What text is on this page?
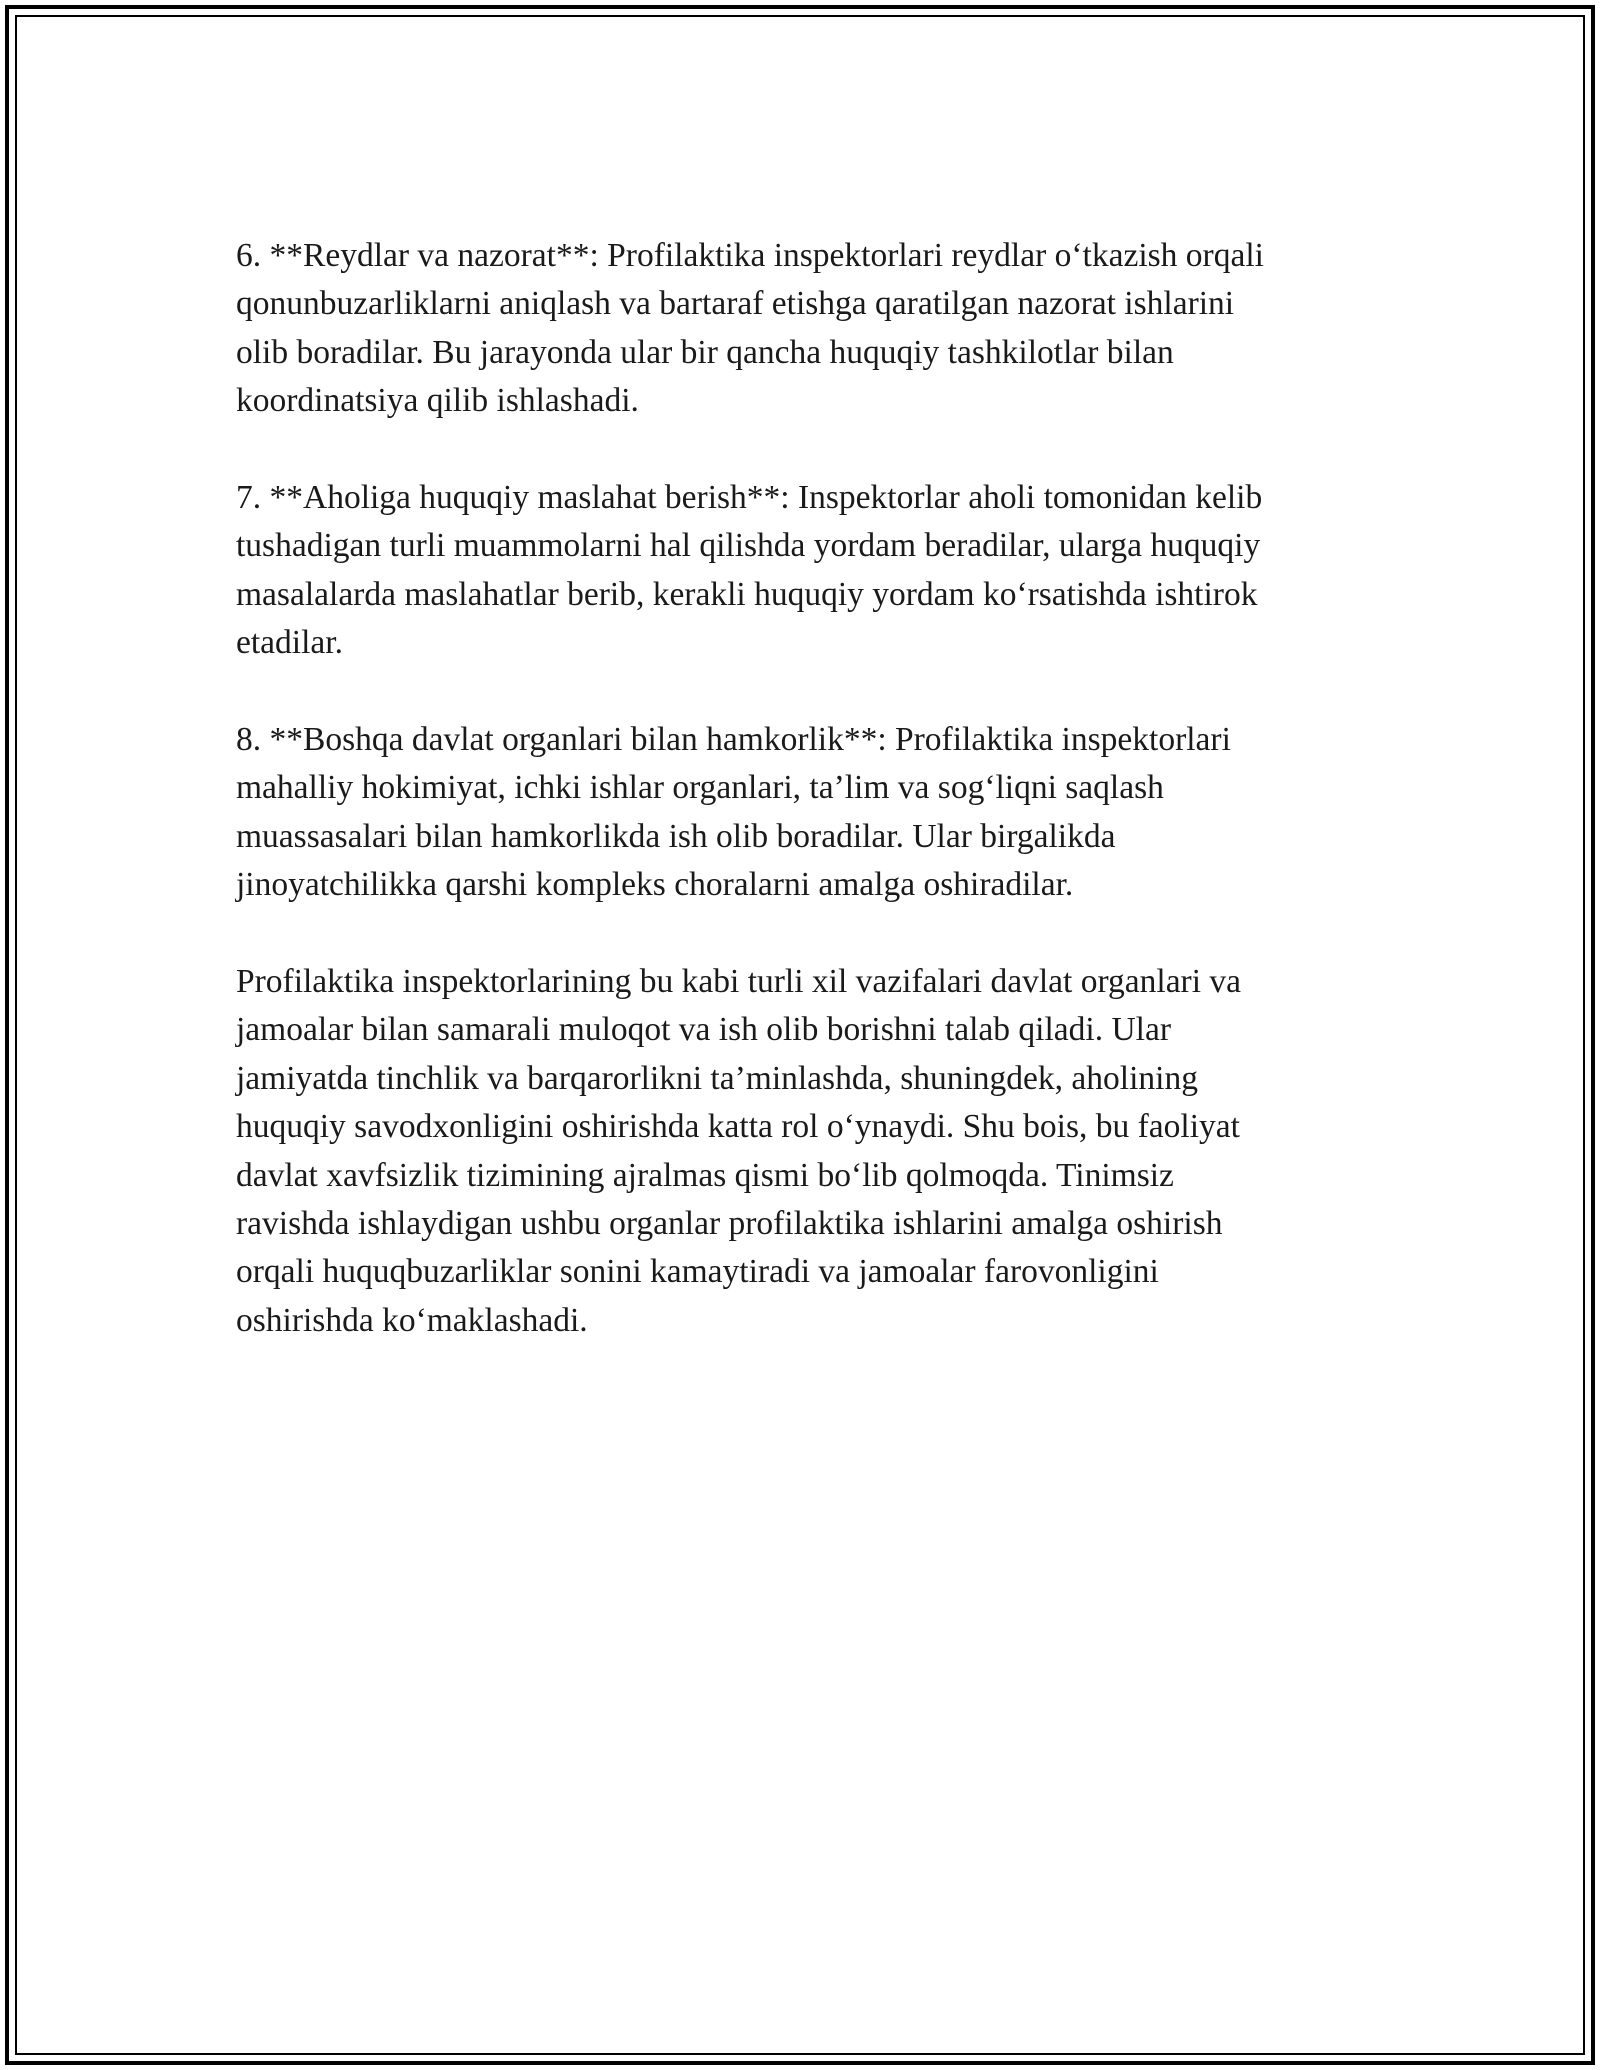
6. **Reydlar va nazorat**: Profilaktika inspektorlari reydlar o‘tkazish orqali
qonunbuzarliklarni aniqlash va bartaraf etishga qaratilgan nazorat ishlarini
olib boradilar. Bu jarayonda ular bir qancha huquqiy tashkilotlar bilan
koordinatsiya qilib ishlashadi.

7. **Aholiga huquqiy maslahat berish**: Inspektorlar aholi tomonidan kelib
tushadigan turli muammolarni hal qilishda yordam beradilar, ularga huquqiy
masalalarda maslahatlar berib, kerakli huquqiy yordam ko‘rsatishda ishtirok
etadilar.

8. **Boshqa davlat organlari bilan hamkorlik**: Profilaktika inspektorlari
mahalliy hokimiyat, ichki ishlar organlari, ta’lim va sog‘liqni saqlash
muassasalari bilan hamkorlikda ish olib boradilar. Ular birgalikda
jinoyatchilikka qarshi kompleks choralarni amalga oshiradilar.

Profilaktika inspektorlarining bu kabi turli xil vazifalari davlat organlari va
jamoalar bilan samarali muloqot va ish olib borishni talab qiladi. Ular
jamiyatda tinchlik va barqarorlikni ta’minlashda, shuningdek, aholining
huquqiy savodxonligini oshirishda katta rol o‘ynaydi. Shu bois, bu faoliyat
davlat xavfsizlik tizimining ajralmas qismi bo‘lib qolmoqda. Tinimsiz
ravishda ishlaydigan ushbu organlar profilaktika ishlarini amalga oshirish
orqali huquqbuzarliklar sonini kamaytiradi va jamoalar farovonligini
oshirishda ko‘maklashadi.
